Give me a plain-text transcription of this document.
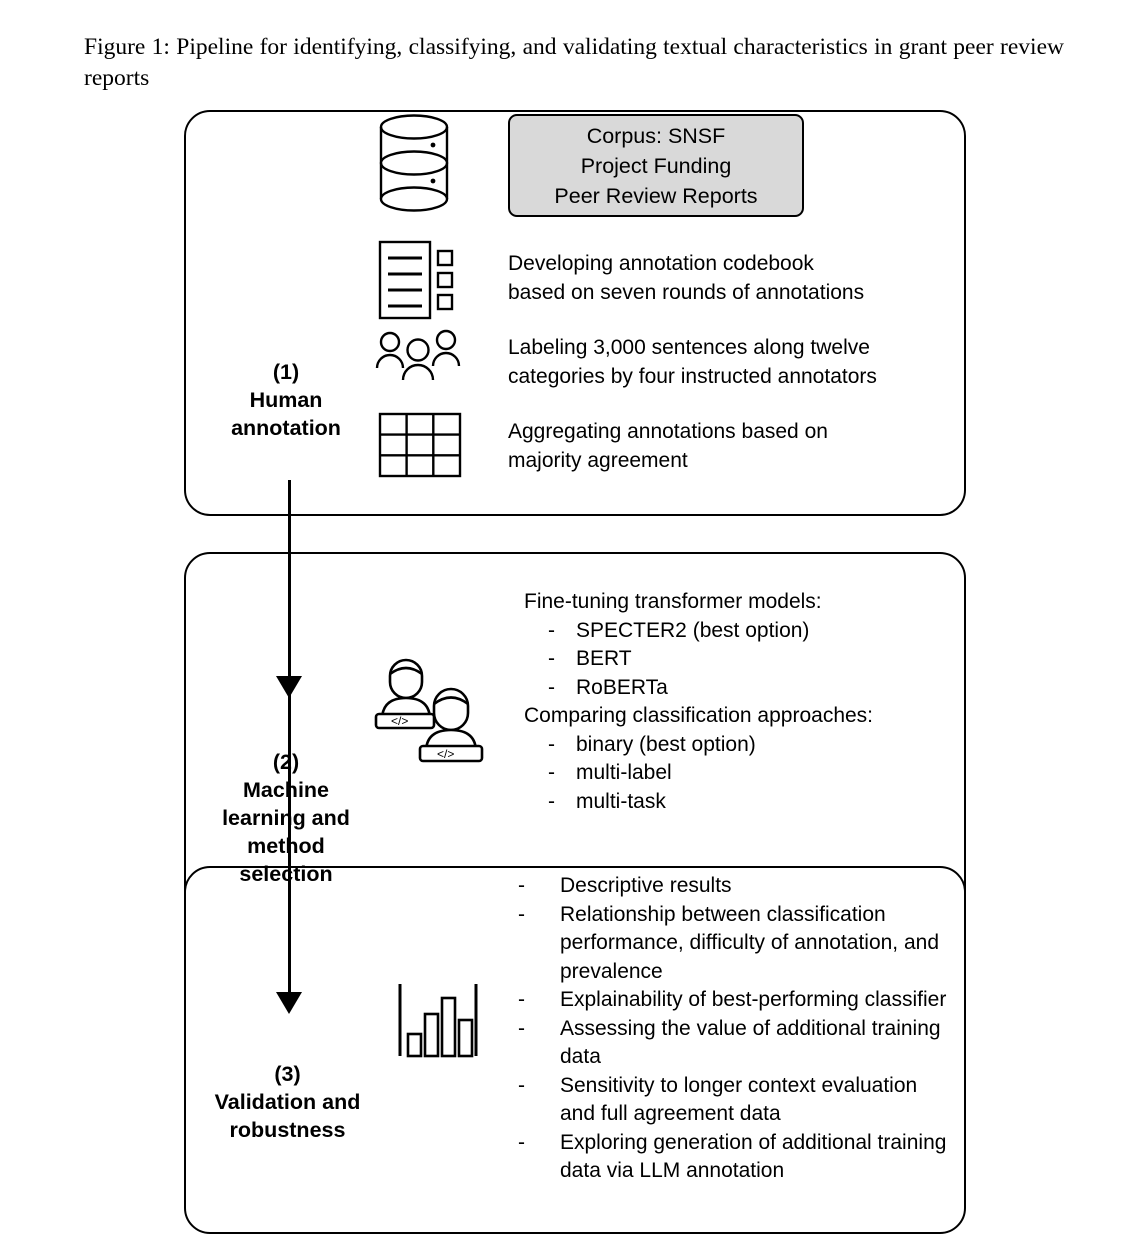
Figure 1: Pipeline for identifying, classifying, and validating textual characteristics in grant peer review reports
(1)
Human
annotation
Corpus: SNSF
Project Funding
Peer Review Reports
Developing annotation codebook
based on seven rounds of annotations
Labeling 3,000 sentences along twelve
categories by four instructed annotators
Aggregating annotations based on
majority agreement
(2)
Machine
learning and
method
selection
</>
</>
Fine-tuning transformer models:
- SPECTER2 (best option)
- BERT
- RoBERTa
Comparing classification approaches:
- binary (best option)
- multi-label
- multi-task
(3)
Validation and
robustness
- Descriptive results
- Relationship between classification performance, difficulty of annotation, and prevalence
- Explainability of best-performing classifier
- Assessing the value of additional training data
- Sensitivity to longer context evaluation and full agreement data
- Exploring generation of additional training data via LLM annotation
